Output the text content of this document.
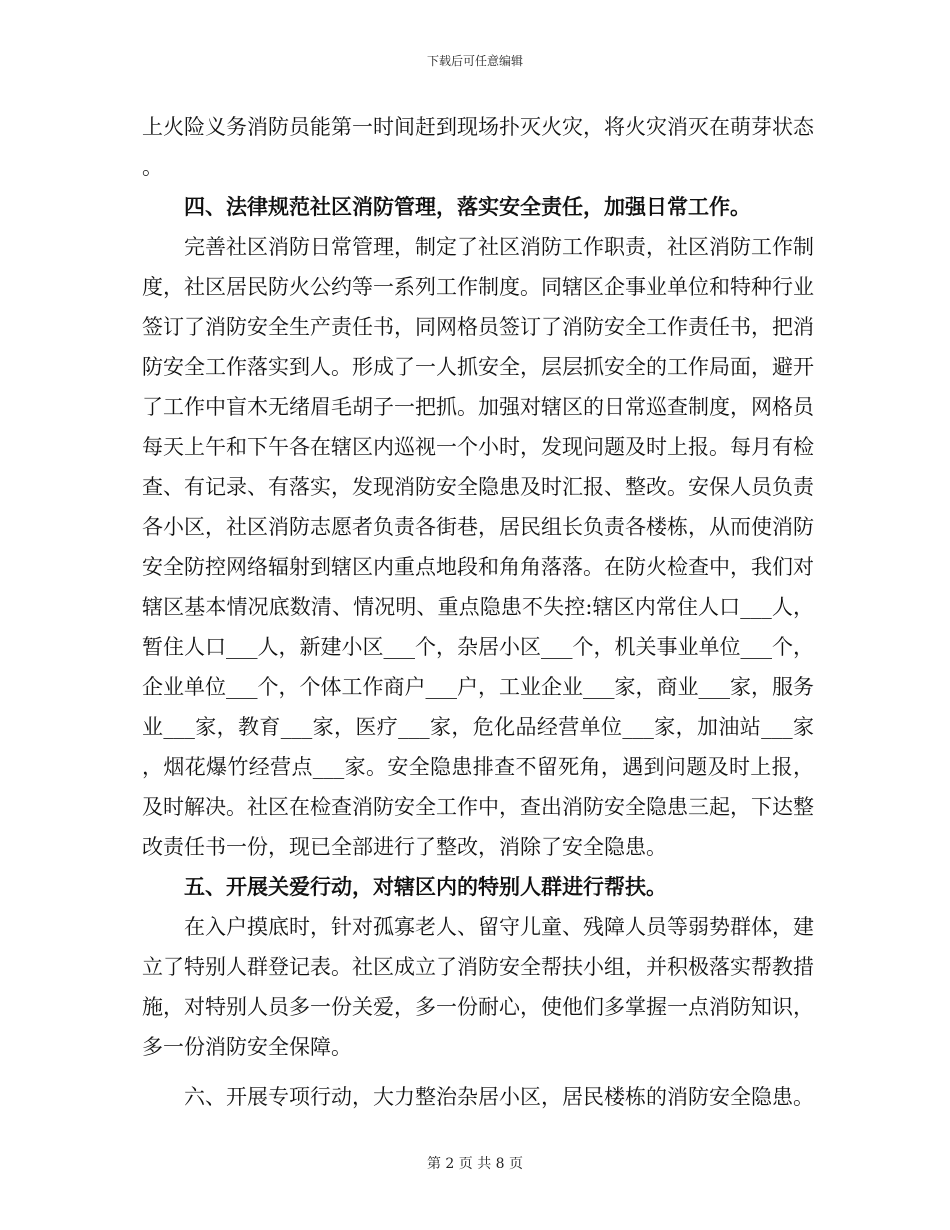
下载后可任意编辑

上火险义务消防员能第一时间赶到现场扑灭火灾，将火灾消灭在萌芽状态。

四、法律规范社区消防管理，落实安全责任，加强日常工作。

完善社区消防日常管理，制定了社区消防工作职责，社区消防工作制度，社区居民防火公约等一系列工作制度。同辖区企事业单位和特种行业签订了消防安全生产责任书，同网格员签订了消防安全工作责任书，把消防安全工作落实到人。形成了一人抓安全，层层抓安全的工作局面，避开了工作中盲木无绪眉毛胡子一把抓。加强对辖区的日常巡查制度，网格员每天上午和下午各在辖区内巡视一个小时，发现问题及时上报。每月有检查、有记录、有落实，发现消防安全隐患及时汇报、整改。安保人员负责各小区，社区消防志愿者负责各街巷，居民组长负责各楼栋，从而使消防安全防控网络辐射到辖区内重点地段和角角落落。在防火检查中，我们对辖区基本情况底数清、情况明、重点隐患不失控:辖区内常住人口___人，暂住人口___人，新建小区___个，杂居小区___个，机关事业单位___个，企业单位___个，个体工作商户___户，工业企业___家，商业___家，服务业___家，教育___家，医疗___家，危化品经营单位___家，加油站___家，烟花爆竹经营点___家。安全隐患排查不留死角，遇到问题及时上报，及时解决。社区在检查消防安全工作中，查出消防安全隐患三起，下达整改责任书一份，现已全部进行了整改，消除了安全隐患。

五、开展关爱行动，对辖区内的特别人群进行帮扶。

在入户摸底时，针对孤寡老人、留守儿童、残障人员等弱势群体，建立了特别人群登记表。社区成立了消防安全帮扶小组，并积极落实帮教措施，对特别人员多一份关爱，多一份耐心，使他们多掌握一点消防知识，多一份消防安全保障。

六、开展专项行动，大力整治杂居小区，居民楼栋的消防安全隐患。

第 2 页 共 8 页
